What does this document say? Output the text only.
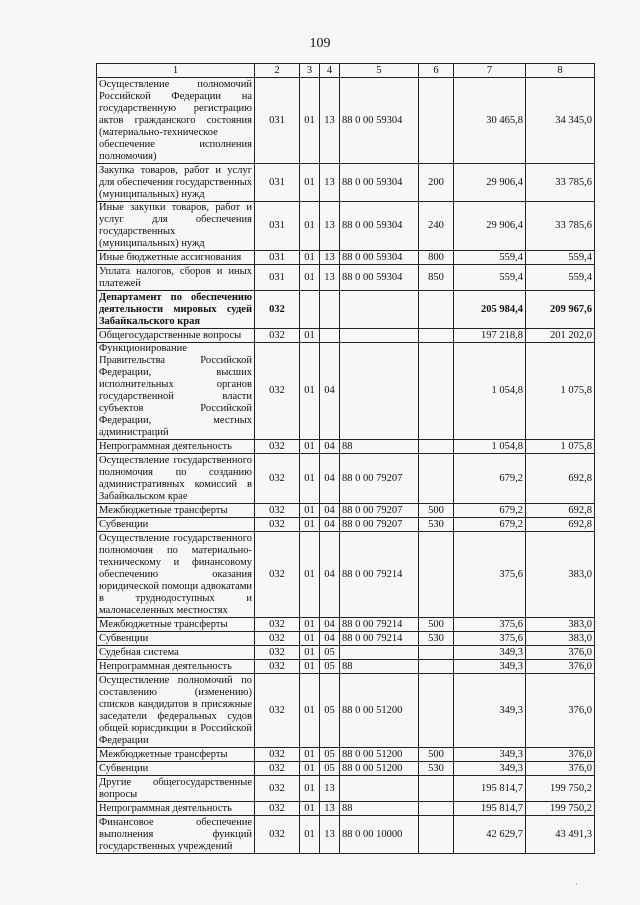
109
1	2	3	4	5	6	7	8
Осуществление полномочий Российской Федерации на государственную регистрацию актов гражданского состояния (материально-техническое обеспечение исполнения полномочия)	031	01	13	88 0 00 59304		30 465,8	34 345,0
Закупка товаров, работ и услуг для обеспечения государственных (муниципальных) нужд	031	01	13	88 0 00 59304	200	29 906,4	33 785,6
Иные закупки товаров, работ и услуг для обеспечения государственных (муниципальных) нужд	031	01	13	88 0 00 59304	240	29 906,4	33 785,6
Иные бюджетные ассигнования	031	01	13	88 0 00 59304	800	559,4	559,4
Уплата налогов, сборов и иных платежей	031	01	13	88 0 00 59304	850	559,4	559,4
Департамент по обеспечению деятельности мировых судей Забайкальского края	032					205 984,4	209 967,6
Общегосударственные вопросы	032	01				197 218,8	201 202,0
Функционирование Правительства Российской Федерации, высших исполнительных органов государственной власти субъектов Российской Федерации, местных администраций	032	01	04			1 054,8	1 075,8
Непрограммная деятельность	032	01	04	88		1 054,8	1 075,8
Осуществление государственного полномочия по созданию административных комиссий в Забайкальском крае	032	01	04	88 0 00 79207		679,2	692,8
Межбюджетные трансферты	032	01	04	88 0 00 79207	500	679,2	692,8
Субвенции	032	01	04	88 0 00 79207	530	679,2	692,8
Осуществление государственного полномочия по материально-техническому и финансовому обеспечению оказания юридической помощи адвокатами в труднодоступных и малонаселенных местностях	032	01	04	88 0 00 79214		375,6	383,0
Межбюджетные трансферты	032	01	04	88 0 00 79214	500	375,6	383,0
Субвенции	032	01	04	88 0 00 79214	530	375,6	383,0
Судебная система	032	01	05			349,3	376,0
Непрограммная деятельность	032	01	05	88		349,3	376,0
Осуществление полномочий по составлению (изменению) списков кандидатов в присяжные заседатели федеральных судов общей юрисдикции в Российской Федерации	032	01	05	88 0 00 51200		349,3	376,0
Межбюджетные трансферты	032	01	05	88 0 00 51200	500	349,3	376,0
Субвенции	032	01	05	88 0 00 51200	530	349,3	376,0
Другие общегосударственные вопросы	032	01	13			195 814,7	199 750,2
Непрограммная деятельность	032	01	13	88		195 814,7	199 750,2
Финансовое обеспечение выполнения функций государственных учреждений	032	01	13	88 0 00 10000		42 629,7	43 491,3
·
